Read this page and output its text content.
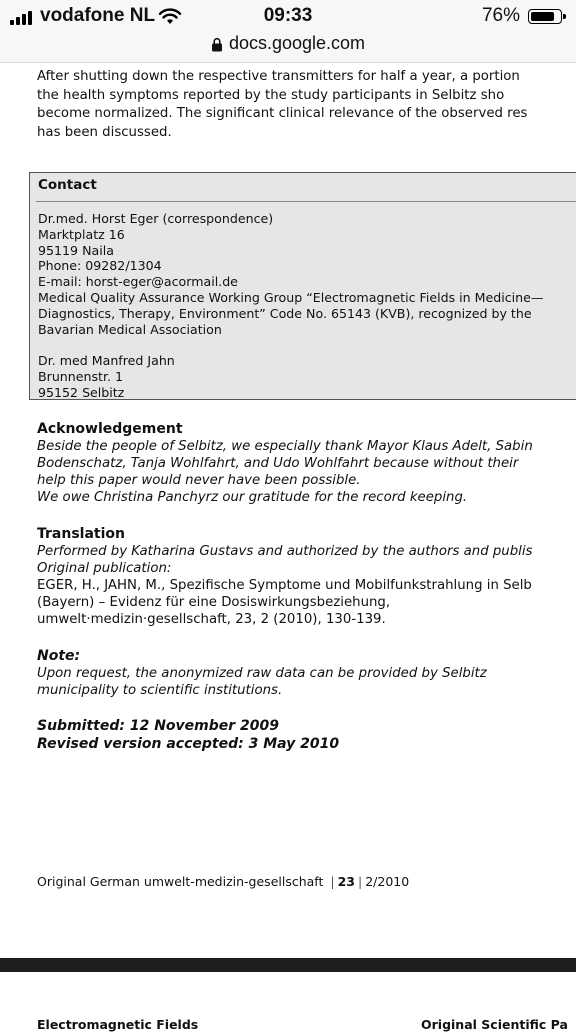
vodafone NL	09:33	76%
docs.google.com
After shutting down the respective transmitters for half a year, a portion
the health symptoms reported by the study participants in Selbitz sho
become normalized. The significant clinical relevance of the observed res
has been discussed.
Contact
Dr.med. Horst Eger (correspondence)
Marktplatz 16
95119 Naila
Phone: 09282/1304
E-mail: horst-eger@acormail.de
Medical Quality Assurance Working Group “Electromagnetic Fields in Medicine—
Diagnostics, Therapy, Environment” Code No. 65143 (KVB), recognized by the
Bavarian Medical Association
Dr. med Manfred Jahn
Brunnenstr. 1
95152 Selbitz
Acknowledgement
Beside the people of Selbitz, we especially thank Mayor Klaus Adelt, Sabin
Bodenschatz, Tanja Wohlfahrt, and Udo Wohlfahrt because without their
help this paper would never have been possible.
We owe Christina Panchyrz our gratitude for the record keeping.
Translation
Performed by Katharina Gustavs and authorized by the authors and publis
Original publication:
EGER, H., JAHN, M., Spezifische Symptome und Mobilfunkstrahlung in Selb
(Bayern) – Evidenz für eine Dosiswirkungsbeziehung,
umwelt·medizin·gesellschaft, 23, 2 (2010), 130-139.
Note:
Upon request, the anonymized raw data can be provided by Selbitz
municipality to scientific institutions.
Submitted: 12 November 2009
Revised version accepted: 3 May 2010
Original German umwelt-medizin-gesellschaft | 23 | 2/2010
Electromagnetic Fields	Original Scientific Pa
